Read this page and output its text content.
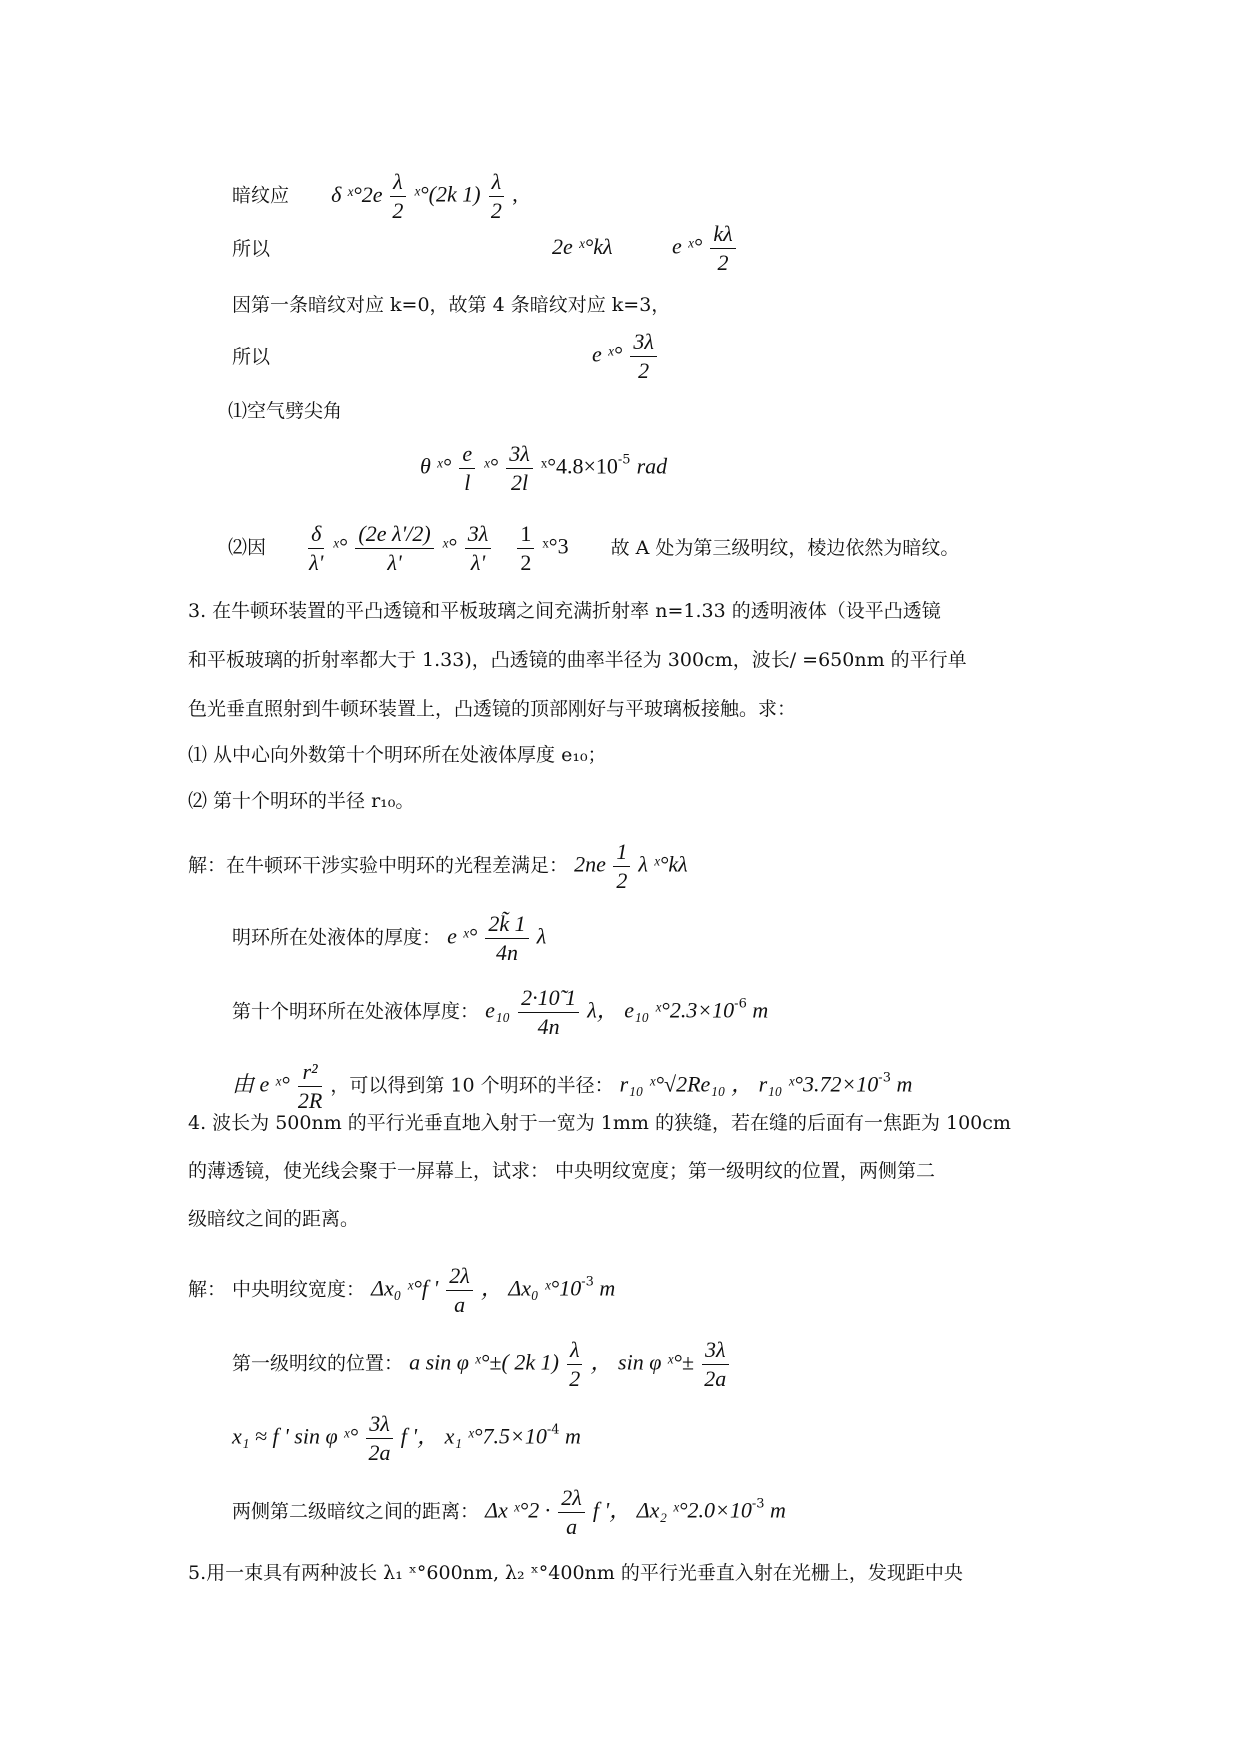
暗纹应 δ ˣ°2e $\frac{\lambda}{2}$ ˣ°(2k $1) \frac{\lambda}{2}$ ,
所以	2e ˣ°kλ	e ˣ° $\frac{k\lambda}{2}$
因第一条暗纹对应 k=0，故第 4 条暗纹对应 k=3，
所以	e ˣ° $\frac{3\lambda}{2}$
⑴空气劈尖角
θ ˣ° $\frac{e}{l}$ ˣ° $\frac{3\lambda}{2l}$ $ˣ^\circ 4.8\times 10^{-5}$ rad
⑵因 $\frac{\delta}{\lambda'}$ ˣ° $\frac{\text{(2e λ'/2)}}{\lambda'}$ ˣ° $\frac{3\lambda}{\lambda'}$
$\frac{1}{2}$ ˣ°3 故 A 处为第三级明纹，棱边依然为暗纹。
3. 在牛顿环装置的平凸透镜和平板玻璃之间充满折射率 n=1.33 的透明液体（设平凸透镜
和平板玻璃的折射率都大于 1.33)，凸透镜的曲率半径为 300cm，波长/ =650nm 的平行单
色光垂直照射到牛顿环装置上，凸透镜的顶部刚好与平玻璃板接触。求：
⑴ 从中心向外数第十个明环所在处液体厚度 e₁₀；
⑵ 第十个明环的半径 r₁₀。
解：在牛顿环干涉实验中明环的光程差满足： $2ne \frac{1}{2}$ λ ˣ°kλ
明环所在处液体的厚度： e ˣ° $\frac{2k̃ 1}{4n}$ λ
第十个明环所在处液体厚度： $e_{10} \frac{2\cdot 10̃ 1}{4n}$ λ， e₁₀ $ˣ^\circ 2.3\times 10^{-6}$ m
由 e ˣ° $\frac{\text{r²}}{2R}$ ，可以得到第 10 个明环的半径： r₁₀ ˣ°√2Re₁₀ ， r₁₀ $ˣ^\circ 3.72\times 10^{-3}$ m
4. 波长为 500nm 的平行光垂直地入射于一宽为 1mm 的狭缝，若在缝的后面有一焦距为 100cm
的薄透镜，使光线会聚于一屏幕上，试求： 中央明纹宽度；第一级明纹的位置，两侧第二
级暗纹之间的距离。
解： 中央明纹宽度： Δx₀ ˣ°f ' $\frac{2\lambda}{a}$ ， Δx₀ $ˣ^\circ 10^{-3}$ m
第一级明纹的位置： a sin φ ˣ°±( 2k $1) \frac{\lambda}{2}$ ， sin φ ˣ°± $\frac{3\lambda}{2a}$
x₁ ≈ f ' sin φ ˣ° $\frac{3\lambda}{2a}$ f '， x₁ $ˣ^\circ 7.5\times 10^{-4}$ m
两侧第二级暗纹之间的距离： Δx ˣ°2 · $\frac{2\lambda}{a}$ f '， Δx₂ $ˣ^\circ 2.0\times 10^{-3}$ m
5.用一束具有两种波长 λ₁ ˣ°600nm, λ₂ ˣ°400nm 的平行光垂直入射在光栅上，发现距中央
